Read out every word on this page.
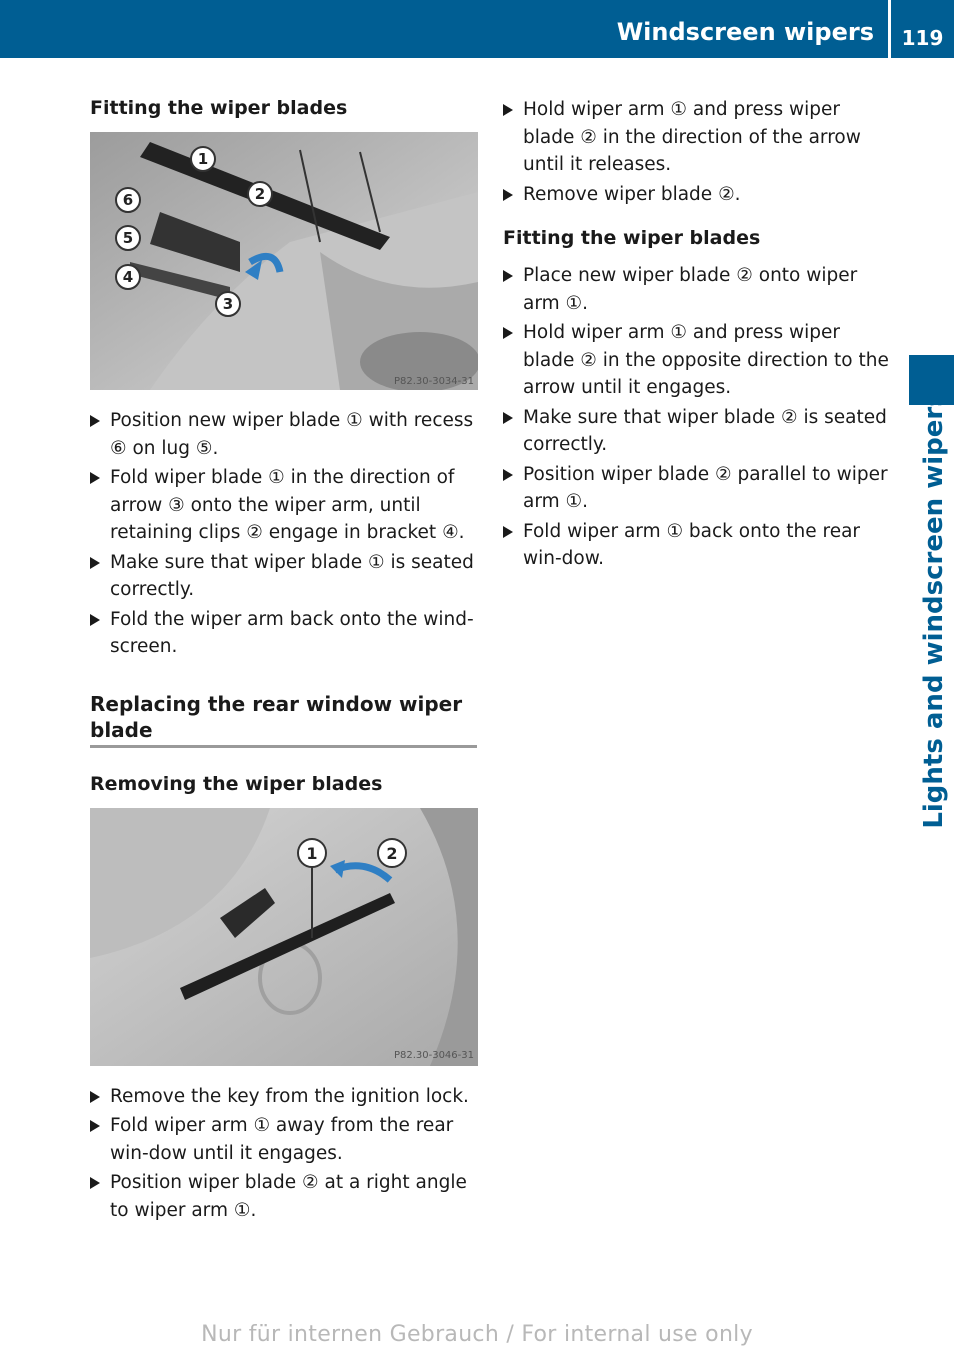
Windscreen wipers	119
Lights and windscreen wipers
Fitting the wiper blades
1
2
3
4
5
6
P82.30-3034-31
Position new wiper blade ① with recess ⑥ on lug ⑤.
Fold wiper blade ① in the direction of arrow ③ onto the wiper arm, until retaining clips ② engage in bracket ④.
Make sure that wiper blade ① is seated correctly.
Fold the wiper arm back onto the wind-screen.
Replacing the rear window wiper blade
Removing the wiper blades
1	2
P82.30-3046-31
Remove the key from the ignition lock.
Fold wiper arm ① away from the rear win-dow until it engages.
Position wiper blade ② at a right angle to wiper arm ①.
Hold wiper arm ① and press wiper blade ② in the direction of the arrow until it releases.
Remove wiper blade ②.
Fitting the wiper blades
Place new wiper blade ② onto wiper arm ①.
Hold wiper arm ① and press wiper blade ② in the opposite direction to the arrow until it engages.
Make sure that wiper blade ② is seated correctly.
Position wiper blade ② parallel to wiper arm ①.
Fold wiper arm ① back onto the rear win-dow.
Nur für internen Gebrauch / For internal use only
